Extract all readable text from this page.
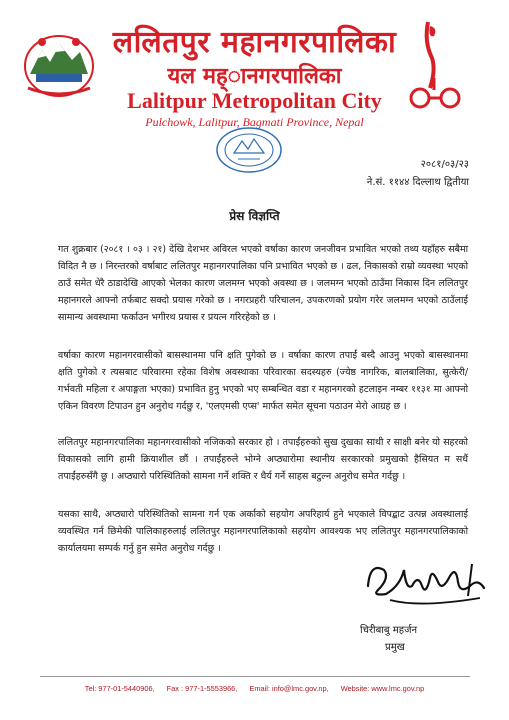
ललितपुर महानगरपालिका
यल मह्ानगरपालिका
Lalitpur Metropolitan City
Pulchowk, Lalitpur, Bagmati Province, Nepal
२०८१/०३/२३
ने.सं. ११४४ दिल्लाथ द्वितीया
प्रेस विज्ञप्ति

गत शुक्रबार (२०८१ । ०३ । २१) देखि देशभर अविरल भएको वर्षाका कारण जनजीवन प्रभावित भएको तथ्य यहाँहरु सबैमा विदित नै छ । निरन्तरको वर्षाबाट ललितपुर महानगरपालिका पनि प्रभावित भएको छ । ढल, निकासको राम्रो व्यवस्था भएको ठाउँ समेत धेरै ठाडादेखि आएको भेलका कारण जलमग्न भएको अवस्था छ । जलमग्न भएको ठाउँमा निकास दिन ललितपुर महानगरले आफ्नो तर्फबाट सक्दो प्रयास गरेको छ । नगरप्रहरी परिचालन, उपकरणको प्रयोग गरेर जलमग्न भएको ठाउँलाई सामान्य अवस्थामा फर्काउन भगीरथ प्रयास र प्रयत्न गरिरहेको छ ।

वर्षाका कारण महानगरवासीको बासस्थानमा पनि क्षति पुगेको छ । वर्षाका कारण तपाईं बस्दै आउनु भएको बासस्थानमा क्षति पुगेको र त्यसबाट परिवारमा रहेका विशेष अवस्थाका परिवारका सदस्यहरु (ज्येष्ठ नागरिक, बालबालिका, सुत्केरी/ गर्भवती महिला र अपाङ्गता भएका) प्रभावित हुनु भएको भए सम्बन्धित वडा र महानगरको हटलाइन नम्बर ११३१ मा आफ्नो एकिन विवरण टिपाउन हुन अनुरोध गर्दछु र, 'एलएमसी एप्स' मार्फत समेत सूचना पठाउन मेरो आग्रह छ ।

ललितपुर महानगरपालिका महानगरवासीको नजिकको सरकार हो । तपाईंहरुको सुख दुखका साथी र साक्षी बनेर यो सहरको विकासको लागि हामी क्रियाशील छौं । तपाईंहरुले भोग्ने अप्ठ्यारोमा स्थानीय सरकारको प्रमुखको हैसियत म सधैं तपाईंहरुसँगै छु । अप्ठ्यारो परिस्थितिको सामना गर्ने शक्ति र धैर्य गर्ने साहस बटुल्न अनुरोध समेत गर्दछु ।

यसका साथै, अप्ठ्यारो परिस्थितिको सामना गर्न एक अर्काको सहयोग अपरिहार्य हुने भएकाले विपद्बाट उत्पन्न अवस्थालाई व्यवस्थित गर्न छिमेकी पालिकाहरुलाई ललितपुर महानगरपालिकाको सहयोग आवश्यक भए ललितपुर महानगरपालिकाको कार्यालयमा सम्पर्क गर्नु हुन समेत अनुरोध गर्दछु ।

चिरीबाबु महर्जन
प्रमुख
Tel: 977-01-5440906, Fax : 977-1-5553966, Email: info@lmc.gov.np, Website: www.lmc.gov.np
